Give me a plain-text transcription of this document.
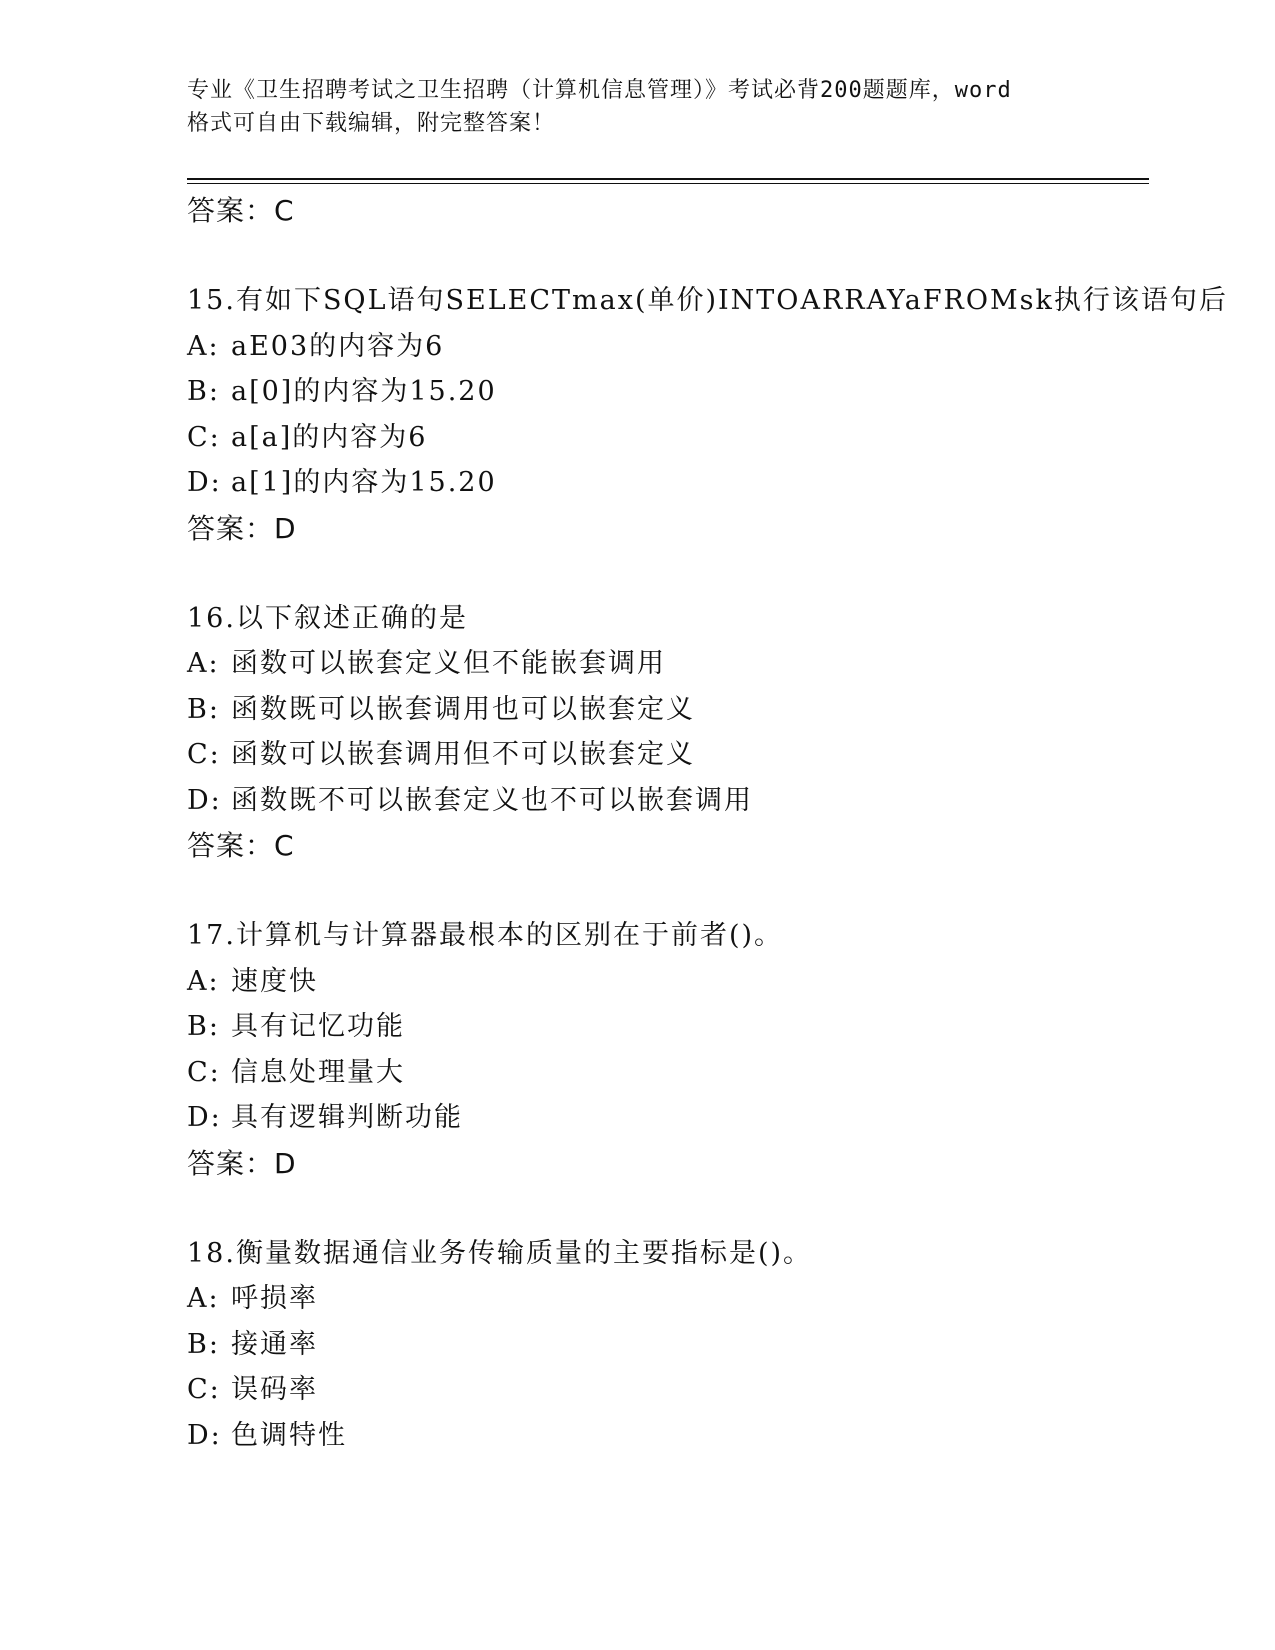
专业《卫生招聘考试之卫生招聘（计算机信息管理）》考试必背200题题库，word
格式可自由下载编辑，附完整答案！
答案：C
15.有如下SQL语句SELECTmax(单价)INTOARRAYaFROMsk执行该语句后
A: aE03的内容为6
B: a[0]的内容为15.20
C: a[a]的内容为6
D: a[1]的内容为15.20
答案：D
16.以下叙述正确的是
A: 函数可以嵌套定义但不能嵌套调用
B: 函数既可以嵌套调用也可以嵌套定义
C: 函数可以嵌套调用但不可以嵌套定义
D: 函数既不可以嵌套定义也不可以嵌套调用
答案：C
17.计算机与计算器最根本的区别在于前者()。
A: 速度快
B: 具有记忆功能
C: 信息处理量大
D: 具有逻辑判断功能
答案：D
18.衡量数据通信业务传输质量的主要指标是()。
A: 呼损率
B: 接通率
C: 误码率
D: 色调特性
